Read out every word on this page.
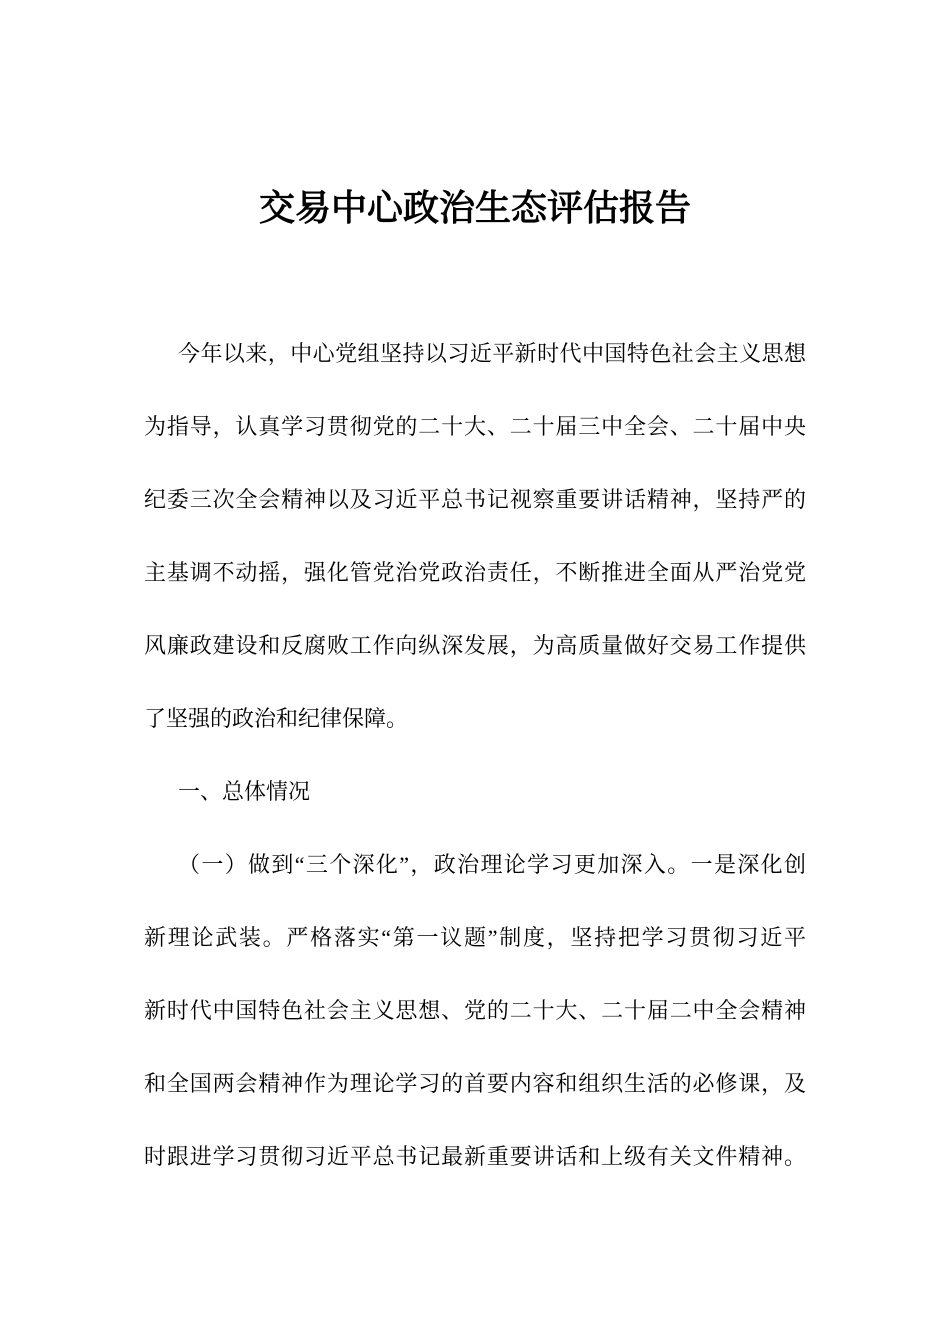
交易中心政治生态评估报告
今年以来，中心党组坚持以习近平新时代中国特色社会主义思想
为指导，认真学习贯彻党的二十大、二十届三中全会、二十届中央
纪委三次全会精神以及习近平总书记视察重要讲话精神，坚持严的
主基调不动摇，强化管党治党政治责任，不断推进全面从严治党党
风廉政建设和反腐败工作向纵深发展，为高质量做好交易工作提供
了坚强的政治和纪律保障。
一、总体情况
（一）做到“三个深化”，政治理论学习更加深入。一是深化创
新理论武装。严格落实“第一议题”制度，坚持把学习贯彻习近平
新时代中国特色社会主义思想、党的二十大、二十届二中全会精神
和全国两会精神作为理论学习的首要内容和组织生活的必修课，及
时跟进学习贯彻习近平总书记最新重要讲话和上级有关文件精神。
